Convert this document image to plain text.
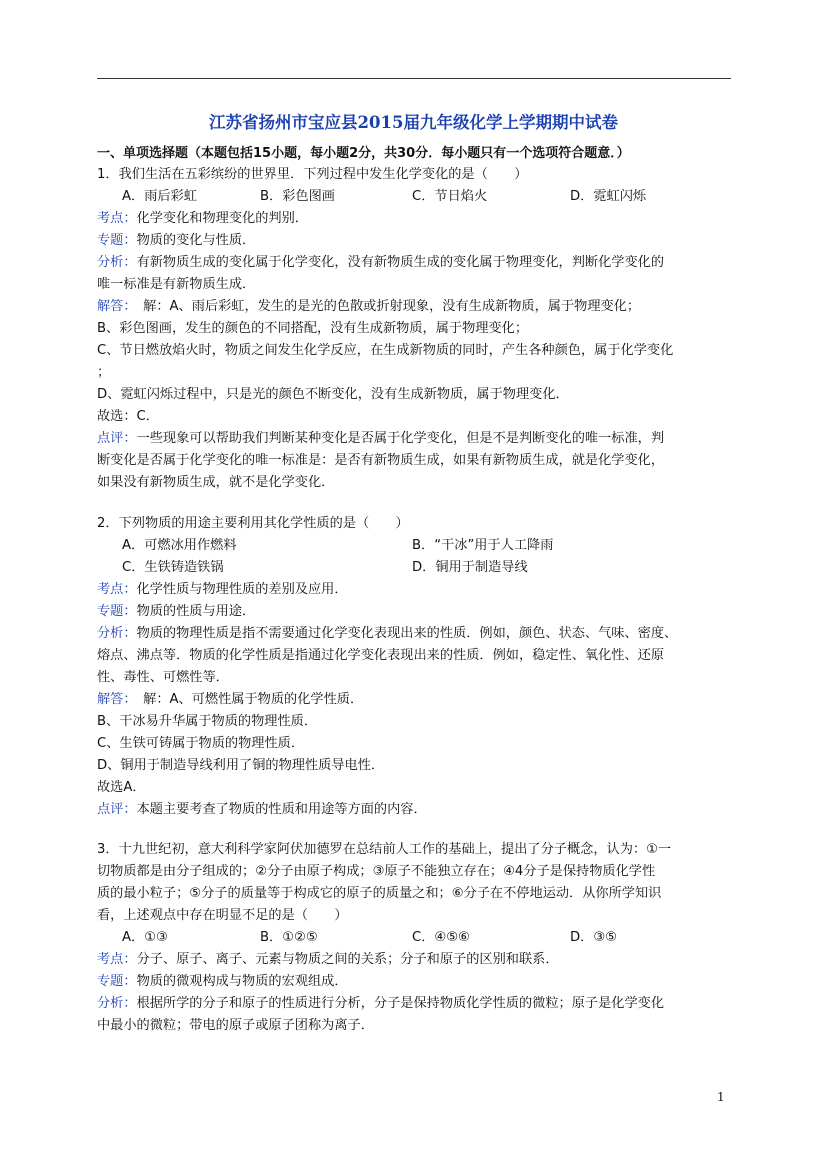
江苏省扬州市宝应县2015届九年级化学上学期期中试卷
一、单项选择题（本题包括15小题，每小题2分，共30分．每小题只有一个选项符合题意．）
1．我们生活在五彩缤纷的世界里．下列过程中发生化学变化的是（　　）
A．雨后彩虹	B．彩色图画	C．节日焰火	D．霓虹闪烁
考点：化学变化和物理变化的判别．
专题：物质的变化与性质．
分析：有新物质生成的变化属于化学变化，没有新物质生成的变化属于物理变化，判断化学变化的
唯一标准是有新物质生成．
解答：　解：A、雨后彩虹，发生的是光的色散或折射现象，没有生成新物质，属于物理变化；
B、彩色图画，发生的颜色的不同搭配，没有生成新物质，属于物理变化；
C、节日燃放焰火时，物质之间发生化学反应，在生成新物质的同时，产生各种颜色，属于化学变化
；
D、霓虹闪烁过程中，只是光的颜色不断变化，没有生成新物质，属于物理变化．
故选：C．
点评：一些现象可以帮助我们判断某种变化是否属于化学变化，但是不是判断变化的唯一标准，判
断变化是否属于化学变化的唯一标准是：是否有新物质生成，如果有新物质生成，就是化学变化，
如果没有新物质生成，就不是化学变化．
2．下列物质的用途主要利用其化学性质的是（　　）
A．可燃冰用作燃料	B．“干冰”用于人工降雨
C．生铁铸造铁锅	D．铜用于制造导线
考点：化学性质与物理性质的差别及应用．
专题：物质的性质与用途．
分析：物质的物理性质是指不需要通过化学变化表现出来的性质．例如，颜色、状态、气味、密度、
熔点、沸点等．物质的化学性质是指通过化学变化表现出来的性质．例如，稳定性、氧化性、还原
性、毒性、可燃性等．
解答：　解：A、可燃性属于物质的化学性质．
B、干冰易升华属于物质的物理性质．
C、生铁可铸属于物质的物理性质．
D、铜用于制造导线利用了铜的物理性质导电性．
故选A．
点评：本题主要考查了物质的性质和用途等方面的内容．
3．十九世纪初，意大利科学家阿伏加德罗在总结前人工作的基础上，提出了分子概念，认为：①一
切物质都是由分子组成的；②分子由原子构成；③原子不能独立存在；④4分子是保持物质化学性
质的最小粒子；⑤分子的质量等于构成它的原子的质量之和；⑥分子在不停地运动．从你所学知识
看，上述观点中存在明显不足的是（　　）
A．①③	B．①②⑤	C．④⑤⑥	D．③⑤
考点：分子、原子、离子、元素与物质之间的关系；分子和原子的区别和联系．
专题：物质的微观构成与物质的宏观组成．
分析：根据所学的分子和原子的性质进行分析，分子是保持物质化学性质的微粒；原子是化学变化
中最小的微粒；带电的原子或原子团称为离子．
1
